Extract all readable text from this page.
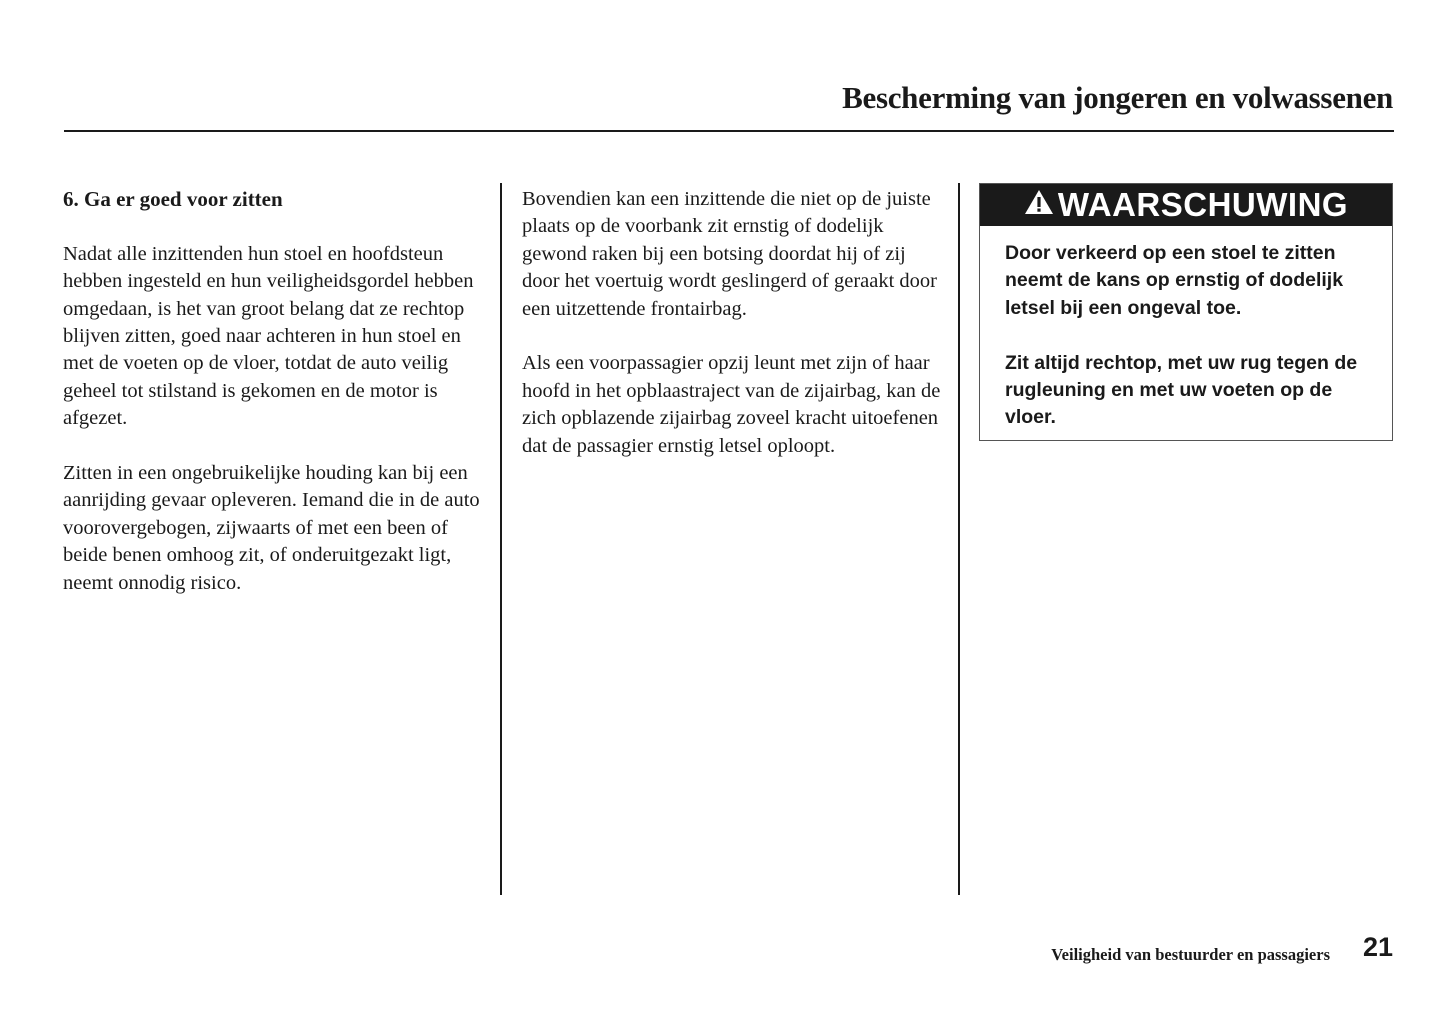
Bescherming van jongeren en volwassenen

6. Ga er goed voor zitten

Nadat alle inzittenden hun stoel en hoofdsteun hebben ingesteld en hun veiligheidsgordel hebben omgedaan, is het van groot belang dat ze rechtop blijven zitten, goed naar achteren in hun stoel en met de voeten op de vloer, totdat de auto veilig geheel tot stilstand is gekomen en de motor is afgezet.

Zitten in een ongebruikelijke houding kan bij een aanrijding gevaar opleveren. Iemand die in de auto voorovergebogen, zijwaarts of met een been of beide benen omhoog zit, of onderuitgezakt ligt, neemt onnodig risico.

Bovendien kan een inzittende die niet op de juiste plaats op de voorbank zit ernstig of dodelijk gewond raken bij een botsing doordat hij of zij door het voertuig wordt geslingerd of geraakt door een uitzettende frontairbag.

Als een voorpassagier opzij leunt met zijn of haar hoofd in het opblaastraject van de zijairbag, kan de zich opblazende zijairbag zoveel kracht uitoefenen dat de passagier ernstig letsel oploopt.

WAARSCHUWING

Door verkeerd op een stoel te zitten neemt de kans op ernstig of dodelijk letsel bij een ongeval toe.

Zit altijd rechtop, met uw rug tegen de rugleuning en met uw voeten op de vloer.

Veiligheid van bestuurder en passagiers 21
